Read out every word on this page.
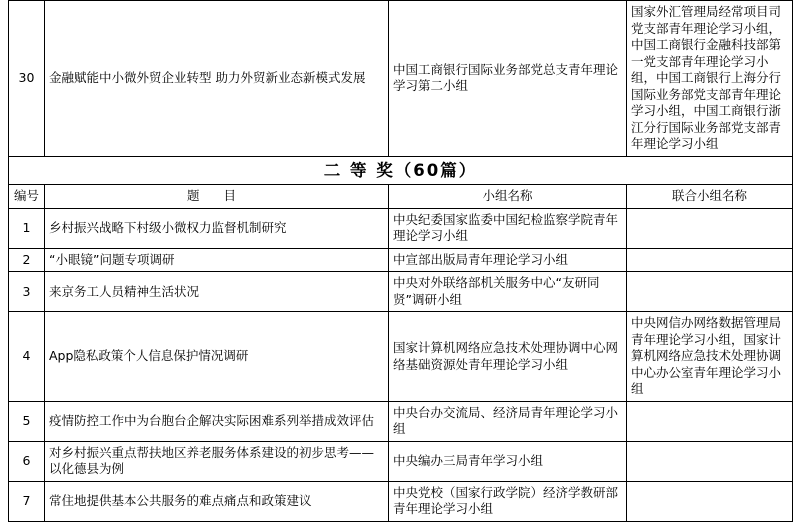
30	金融赋能中小微外贸企业转型 助力外贸新业态新模式发展	中国工商银行国际业务部党总支青年理论学习第二小组	国家外汇管理局经常项目司党支部青年理论学习小组，中国工商银行金融科技部第一党支部青年理论学习小组，中国工商银行上海分行国际业务部党支部青年理论学习小组，中国工商银行浙江分行国际业务部党支部青年理论学习小组
二 等 奖（60篇）			
编号	题 目	小组名称	联合小组名称
1	乡村振兴战略下村级小微权力监督机制研究	中央纪委国家监委中国纪检监察学院青年理论学习小组	
2	“小眼镜”问题专项调研	中宣部出版局青年理论学习小组	
3	来京务工人员精神生活状况	中央对外联络部机关服务中心“友研同贤”调研小组	
4	App隐私政策个人信息保护情况调研	国家计算机网络应急技术处理协调中心网络基础资源处青年理论学习小组	中央网信办网络数据管理局青年理论学习小组，国家计算机网络应急技术处理协调中心办公室青年理论学习小组
5	疫情防控工作中为台胞台企解决实际困难系列举措成效评估	中央台办交流局、经济局青年理论学习小组	
6	对乡村振兴重点帮扶地区养老服务体系建设的初步思考——以化德县为例	中央编办三局青年学习小组	
7	常住地提供基本公共服务的难点痛点和政策建议	中央党校（国家行政学院）经济学教研部青年理论学习小组	
